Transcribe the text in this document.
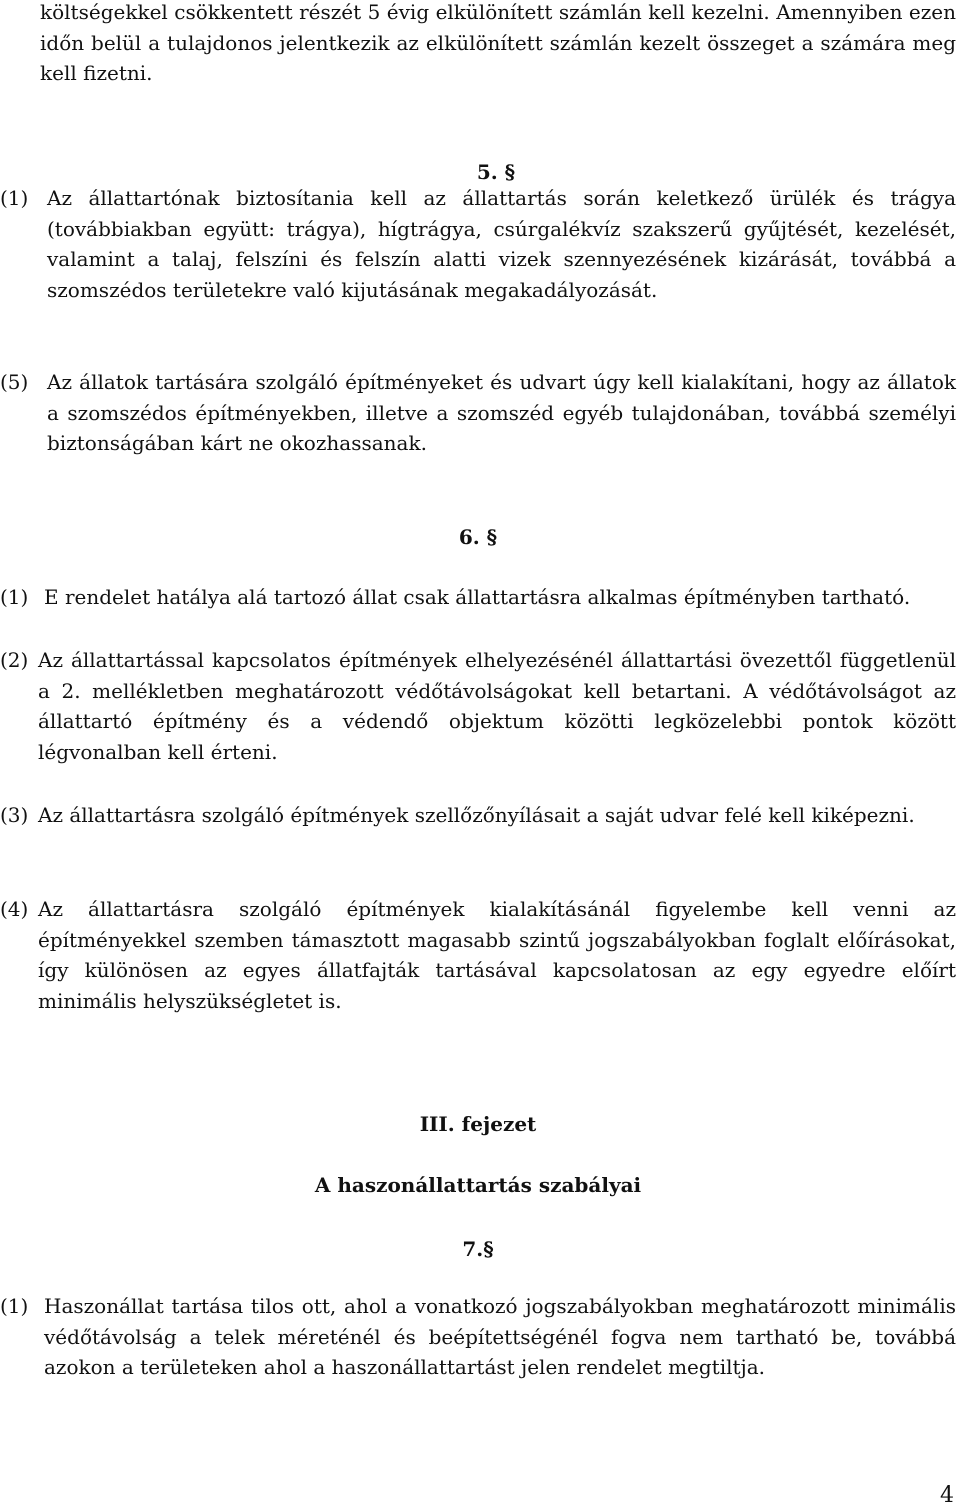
költségekkel csökkentett részét 5 évig elkülönített számlán kell kezelni. Amennyiben ezen időn belül a tulajdonos jelentkezik az elkülönített számlán kezelt összeget a számára meg kell fizetni.

5. §

(1) Az állattartónak biztosítania kell az állattartás során keletkező ürülék és trágya (továbbiakban együtt: trágya), hígtrágya, csúrgalékvíz szakszerű gyűjtését, kezelését, valamint a talaj, felszíni és felszín alatti vizek szennyezésének kizárását, továbbá a szomszédos területekre való kijutásának megakadályozását.

(5) Az állatok tartására szolgáló építményeket és udvart úgy kell kialakítani, hogy az állatok a szomszédos építményekben, illetve a szomszéd egyéb tulajdonában, továbbá személyi biztonságában kárt ne okozhassanak.

6. §

(1) E rendelet hatálya alá tartozó állat csak állattartásra alkalmas építményben tartható.

(2) Az állattartással kapcsolatos építmények elhelyezésénél állattartási övezettől függetlenül a 2. mellékletben meghatározott védőtávolságokat kell betartani. A védőtávolságot az állattartó építmény és a védendő objektum közötti legközelebbi pontok között légvonalban kell érteni.

(3) Az állattartásra szolgáló építmények szellőzőnyílásait a saját udvar felé kell kiképezni.

(4) Az állattartásra szolgáló építmények kialakításánál figyelembe kell venni az építményekkel szemben támasztott magasabb szintű jogszabályokban foglalt előírásokat, így különösen az egyes állatfajták tartásával kapcsolatosan az egy egyedre előírt minimális helyszükségletet is.

III. fejezet

A haszonállattartás szabályai

7.§

(1) Haszonállat tartása tilos ott, ahol a vonatkozó jogszabályokban meghatározott minimális védőtávolság a telek méreténél és beépítettségénél fogva nem tartható be, továbbá azokon a területeken ahol a haszonállattartást jelen rendelet megtiltja.

4
